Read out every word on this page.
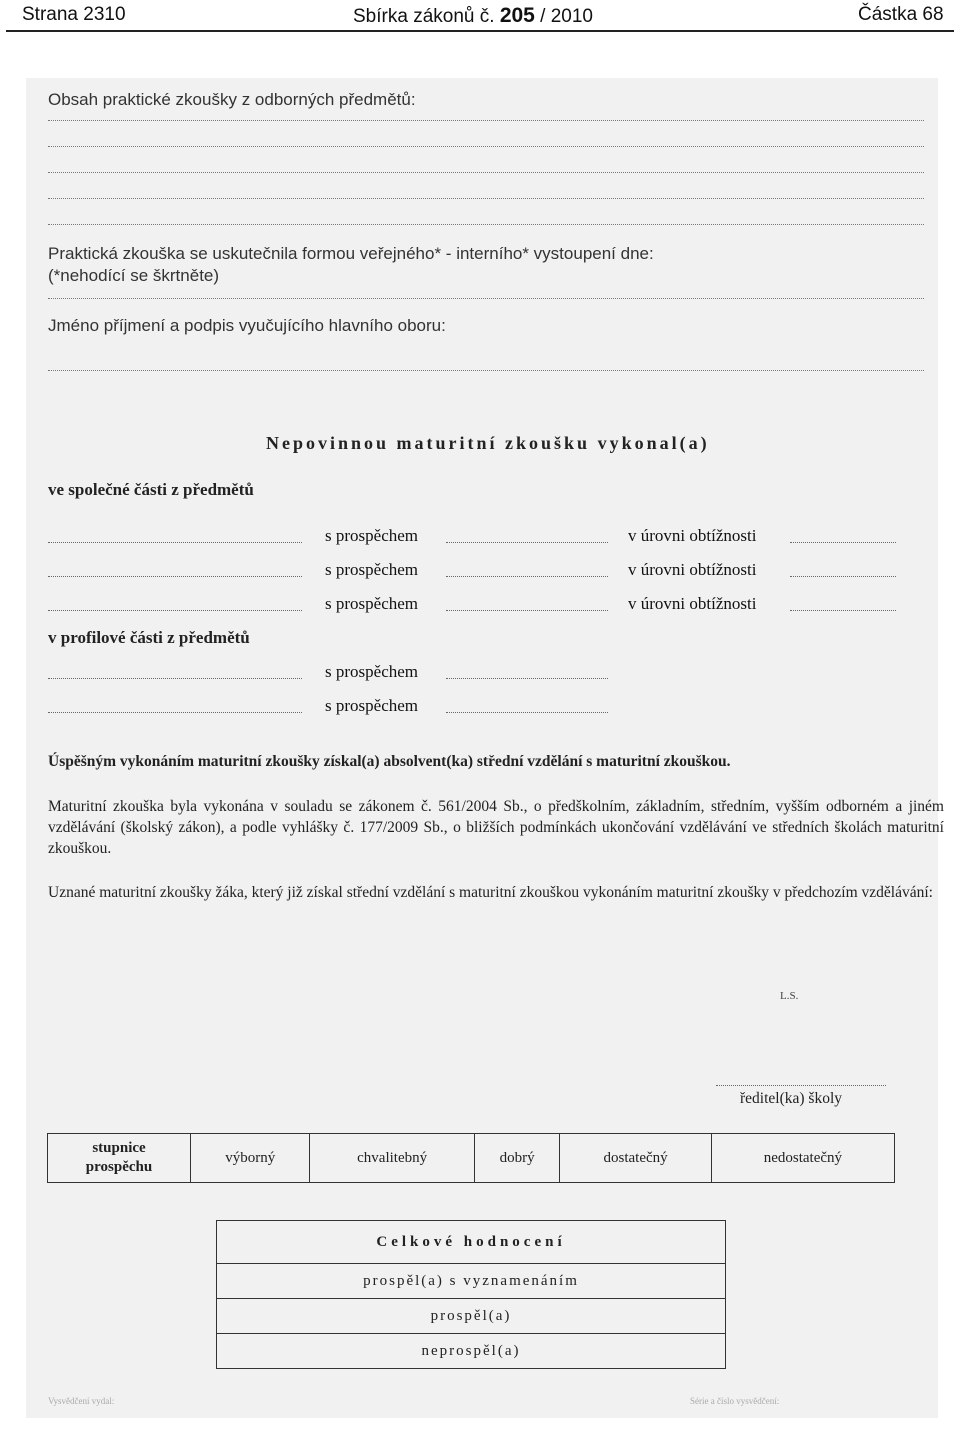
Strana 2310	Sbírka zákonů č. 205 / 2010	Částka 68
Obsah praktické zkoušky z odborných předmětů:
Praktická zkouška se uskutečnila formou veřejného* - interního* vystoupení dne:
(*nehodící se škrtněte)
Jméno příjmení a podpis vyučujícího hlavního oboru:
Nepovinnou maturitní zkoušku vykonal(a)
ve společné části z předmětů
s prospěchem	v úrovni obtížnosti
s prospěchem	v úrovni obtížnosti
s prospěchem	v úrovni obtížnosti
v profilové části z předmětů
s prospěchem
s prospěchem
Úspěšným vykonáním maturitní zkoušky získal(a) absolvent(ka) střední vzdělání s maturitní zkouškou.
Maturitní zkouška byla vykonána v souladu se zákonem č. 561/2004 Sb., o předškolním, základním, středním, vyšším odborném a jiném vzdělávání (školský zákon), a podle vyhlášky č. 177/2009 Sb., o bližších podmínkách ukončování vzdělávání ve středních školách maturitní zkouškou.
Uznané maturitní zkoušky žáka, který již získal střední vzdělání s maturitní zkouškou vykonáním maturitní zkoušky v předchozím vzdělávání:
L.S.
ředitel(ka) školy
stupnice
prospěchu	výborný	chvalitebný	dobrý	dostatečný	nedostatečný
Celkové hodnocení
prospěl(a) s vyznamenáním
prospěl(a)
neprospěl(a)
Vysvědčení vydal:	Série a číslo vysvědčení:
